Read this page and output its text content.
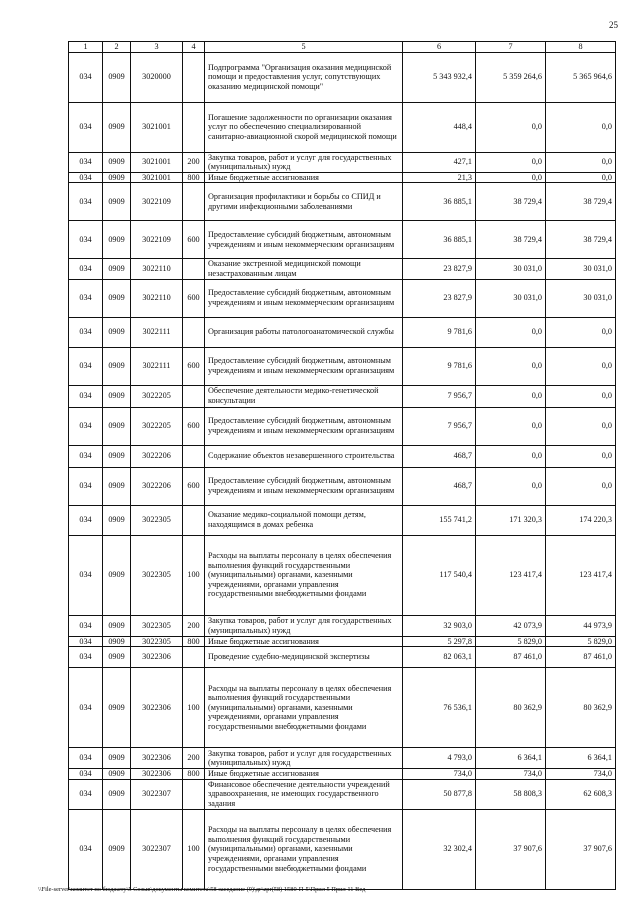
25
1	2	3	4	5	6	7	8
034	0909	3020000		Подпрограмма "Организация оказания медицинской помощи и предоставления услуг, сопутствующих оказанию медицинской помощи"	5 343 932,4	5 359 264,6	5 365 964,6
034	0909	3021001		Погашение задолженности по организации оказания услуг по обеспечению специализированной санитарно-авиационной скорой медицинской помощи	448,4	0,0	0,0
034	0909	3021001	200	Закупка товаров, работ и услуг для государственных (муниципальных) нужд	427,1	0,0	0,0
034	0909	3021001	800	Иные бюджетные ассигнования	21,3	0,0	0,0
034	0909	3022109		Организация профилактики и борьбы со СПИД и другими инфекционными заболеваниями	36 885,1	38 729,4	38 729,4
034	0909	3022109	600	Предоставление субсидий бюджетным, автономным учреждениям и иным некоммерческим организациям	36 885,1	38 729,4	38 729,4
034	0909	3022110		Оказание экстренной медицинской помощи незастрахованным лицам	23 827,9	30 031,0	30 031,0
034	0909	3022110	600	Предоставление субсидий бюджетным, автономным учреждениям и иным некоммерческим организациям	23 827,9	30 031,0	30 031,0
034	0909	3022111		Организация работы патологоанатомической службы	9 781,6	0,0	0,0
034	0909	3022111	600	Предоставление субсидий бюджетным, автономным учреждениям и иным некоммерческим организациям	9 781,6	0,0	0,0
034	0909	3022205		Обеспечение деятельности медико-генетической консультации	7 956,7	0,0	0,0
034	0909	3022205	600	Предоставление субсидий бюджетным, автономным учреждениям и иным некоммерческим организациям	7 956,7	0,0	0,0
034	0909	3022206		Содержание объектов незавершенного строительства	468,7	0,0	0,0
034	0909	3022206	600	Предоставление субсидий бюджетным, автономным учреждениям и иным некоммерческим организациям	468,7	0,0	0,0
034	0909	3022305		Оказание медико-социальной помощи детям, находящимся в домах ребенка	155 741,2	171 320,3	174 220,3
034	0909	3022305	100	Расходы на выплаты персоналу в целях обеспечения выполнения функций государственными (муниципальными) органами, казенными учреждениями, органами управления государственными внебюджетными фондами	117 540,4	123 417,4	123 417,4
034	0909	3022305	200	Закупка товаров, работ и услуг для государственных (муниципальных) нужд	32 903,0	42 073,9	44 973,9
034	0909	3022305	800	Иные бюджетные ассигнования	5 297,8	5 829,0	5 829,0
034	0909	3022306		Проведение судебно-медицинской экспертизы	82 063,1	87 461,0	87 461,0
034	0909	3022306	100	Расходы на выплаты персоналу в целях обеспечения выполнения функций государственными (муниципальными) органами, казенными учреждениями, органами управления государственными внебюджетными фондами	76 536,1	80 362,9	80 362,9
034	0909	3022306	200	Закупка товаров, работ и услуг для государственных (муниципальных) нужд	4 793,0	6 364,1	6 364,1
034	0909	3022306	800	Иные бюджетные ассигнования	734,0	734,0	734,0
034	0909	3022307		Финансовое обеспечение деятельности учреждений здравоохранения, не имеющих государственного задания	50 877,8	58 808,3	62 608,3
034	0909	3022307	100	Расходы на выплаты персоналу в целях обеспечения выполнения функций государственными (муниципальными) органами, казенными учреждениями, органами управления государственными внебюджетными фондами	32 302,4	37 907,6	37 907,6
\\File-server\комитет по бюджету\5 Созыв\документы комитета\58 заседание (9)\дг\zpr(58) 1580-П-5\Прил 5 Прил 11 Вед
